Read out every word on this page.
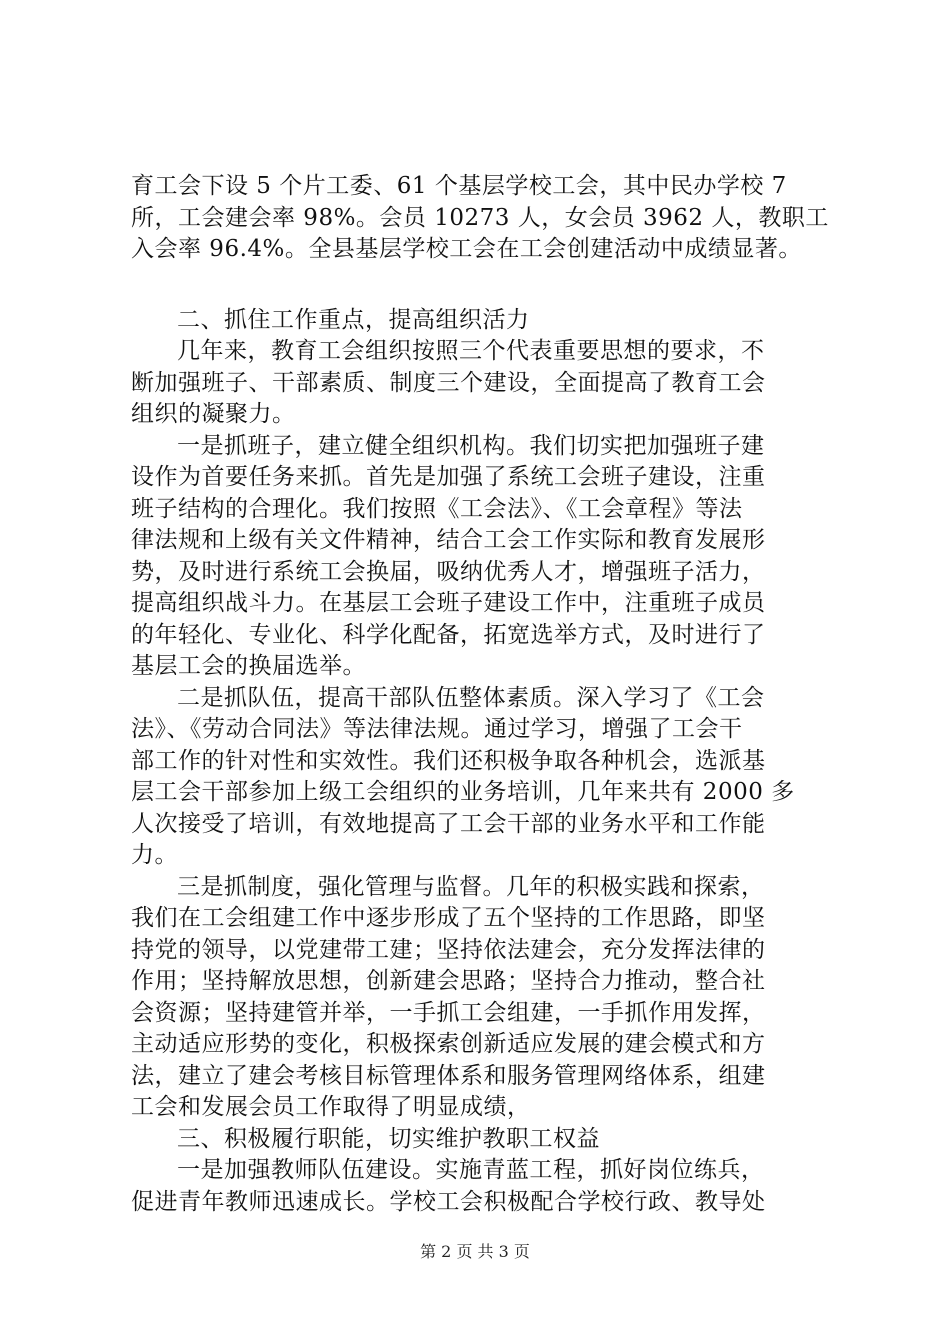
育工会下设 5 个片工委、61 个基层学校工会，其中民办学校 7
所，工会建会率 98%。会员 10273 人，女会员 3962 人，教职工
入会率 96.4%。全县基层学校工会在工会创建活动中成绩显著。
二、抓住工作重点，提高组织活力
几年来，教育工会组织按照三个代表重要思想的要求，不
断加强班子、干部素质、制度三个建设，全面提高了教育工会
组织的凝聚力。
一是抓班子，建立健全组织机构。我们切实把加强班子建
设作为首要任务来抓。首先是加强了系统工会班子建设，注重
班子结构的合理化。我们按照《工会法》、《工会章程》等法
律法规和上级有关文件精神，结合工会工作实际和教育发展形
势，及时进行系统工会换届，吸纳优秀人才，增强班子活力，
提高组织战斗力。在基层工会班子建设工作中，注重班子成员
的年轻化、专业化、科学化配备，拓宽选举方式，及时进行了
基层工会的换届选举。
二是抓队伍，提高干部队伍整体素质。深入学习了《工会
法》、《劳动合同法》等法律法规。通过学习，增强了工会干
部工作的针对性和实效性。我们还积极争取各种机会，选派基
层工会干部参加上级工会组织的业务培训，几年来共有 2000 多
人次接受了培训，有效地提高了工会干部的业务水平和工作能
力。
三是抓制度，强化管理与监督。几年的积极实践和探索，
我们在工会组建工作中逐步形成了五个坚持的工作思路，即坚
持党的领导，以党建带工建；坚持依法建会，充分发挥法律的
作用；坚持解放思想，创新建会思路；坚持合力推动，整合社
会资源；坚持建管并举，一手抓工会组建，一手抓作用发挥，
主动适应形势的变化，积极探索创新适应发展的建会模式和方
法，建立了建会考核目标管理体系和服务管理网络体系，组建
工会和发展会员工作取得了明显成绩，
三、积极履行职能，切实维护教职工权益
一是加强教师队伍建设。实施青蓝工程，抓好岗位练兵，
促进青年教师迅速成长。学校工会积极配合学校行政、教导处
第 2 页 共 3 页
